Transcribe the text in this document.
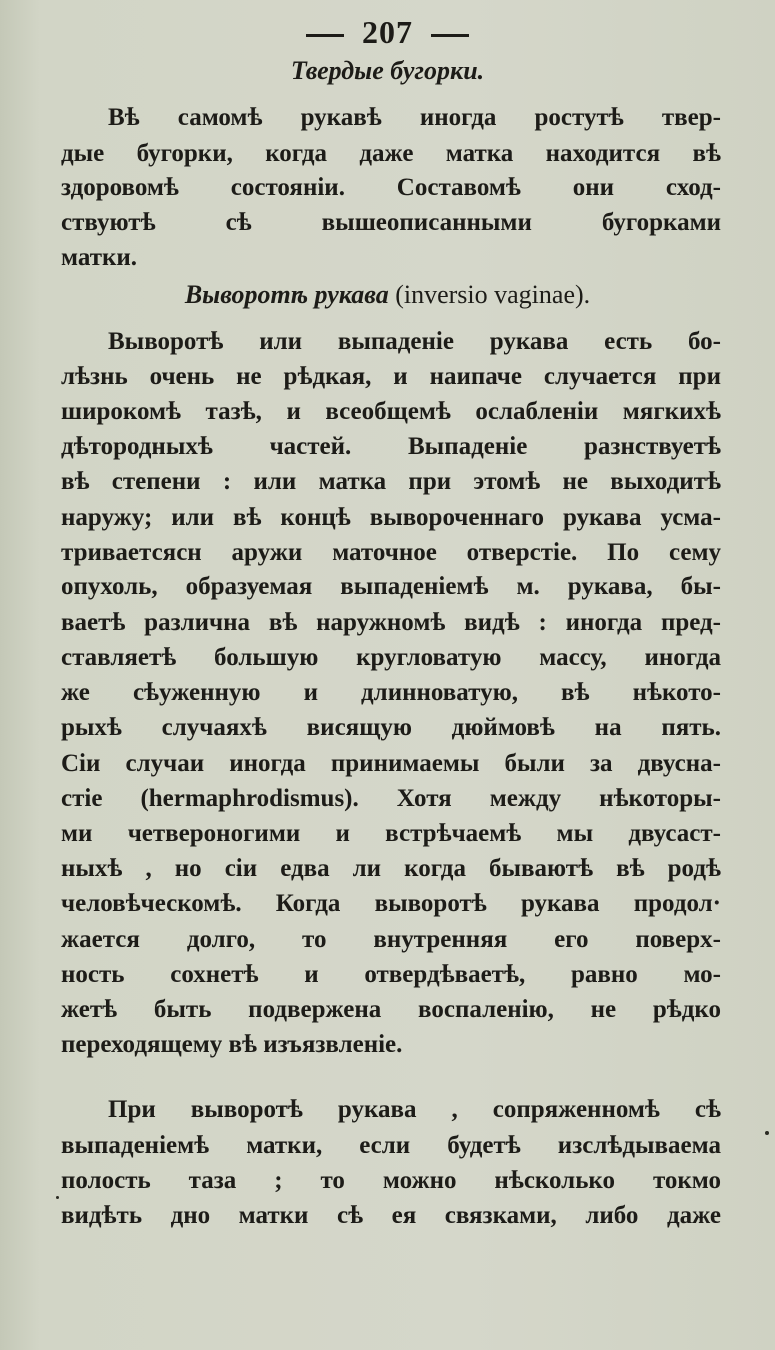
207
Твердые бугорки.
Вѣ самомѣ рукавѣ иногда ростутѣ твер-
дые бугорки, когда даже матка находится вѣ
здоровомѣ состояніи. Составомѣ они сход-
ствуютѣ сѣ вышеописанными бугорками
матки.
Выворотѣ рукава (inversio vaginae).
Выворотѣ или выпаденіе рукава есть бо-
лѣзнь очень не рѣдкая, и наипаче случается при
широкомѣ тазѣ, и всеобщемѣ ослабленіи мягкихѣ
дѣтородныхѣ частей. Выпаденіе разнствуетѣ
вѣ степени : или матка при этомѣ не выходитѣ
наружу; или вѣ концѣ вывороченнаго рукава усма-
триваетсясн аружи маточное отверстіе. По сему
опухоль, образуемая выпаденіемѣ м. рукава, бы-
ваетѣ различна вѣ наружномѣ видѣ : иногда пред-
ставляетѣ большую кругловатую массу, иногда
же сѣуженную и длинноватую, вѣ нѣкото-
рыхѣ случаяхѣ висящую дюймовѣ на пять.
Сіи случаи иногда принимаемы были за двусна-
стіе (hermaphrodismus). Хотя между нѣкоторы-
ми четвероногими и встрѣчаемѣ мы двусаст-
ныхѣ , но сіи едва ли когда бываютѣ вѣ родѣ
человѣческомѣ. Когда выворотѣ рукава продол·
жается долго, то внутренняя его поверх-
ность сохнетѣ и отвердѣваетѣ, равно мо-
жетѣ быть подвержена воспаленію, не рѣдко
переходящему вѣ изъязвленіе.
При выворотѣ рукава , сопряженномѣ сѣ
выпаденіемѣ матки, если будетѣ изслѣдываема
полость таза ; то можно нѣсколько токмо
видѣть дно матки сѣ ея связками, либо даже
